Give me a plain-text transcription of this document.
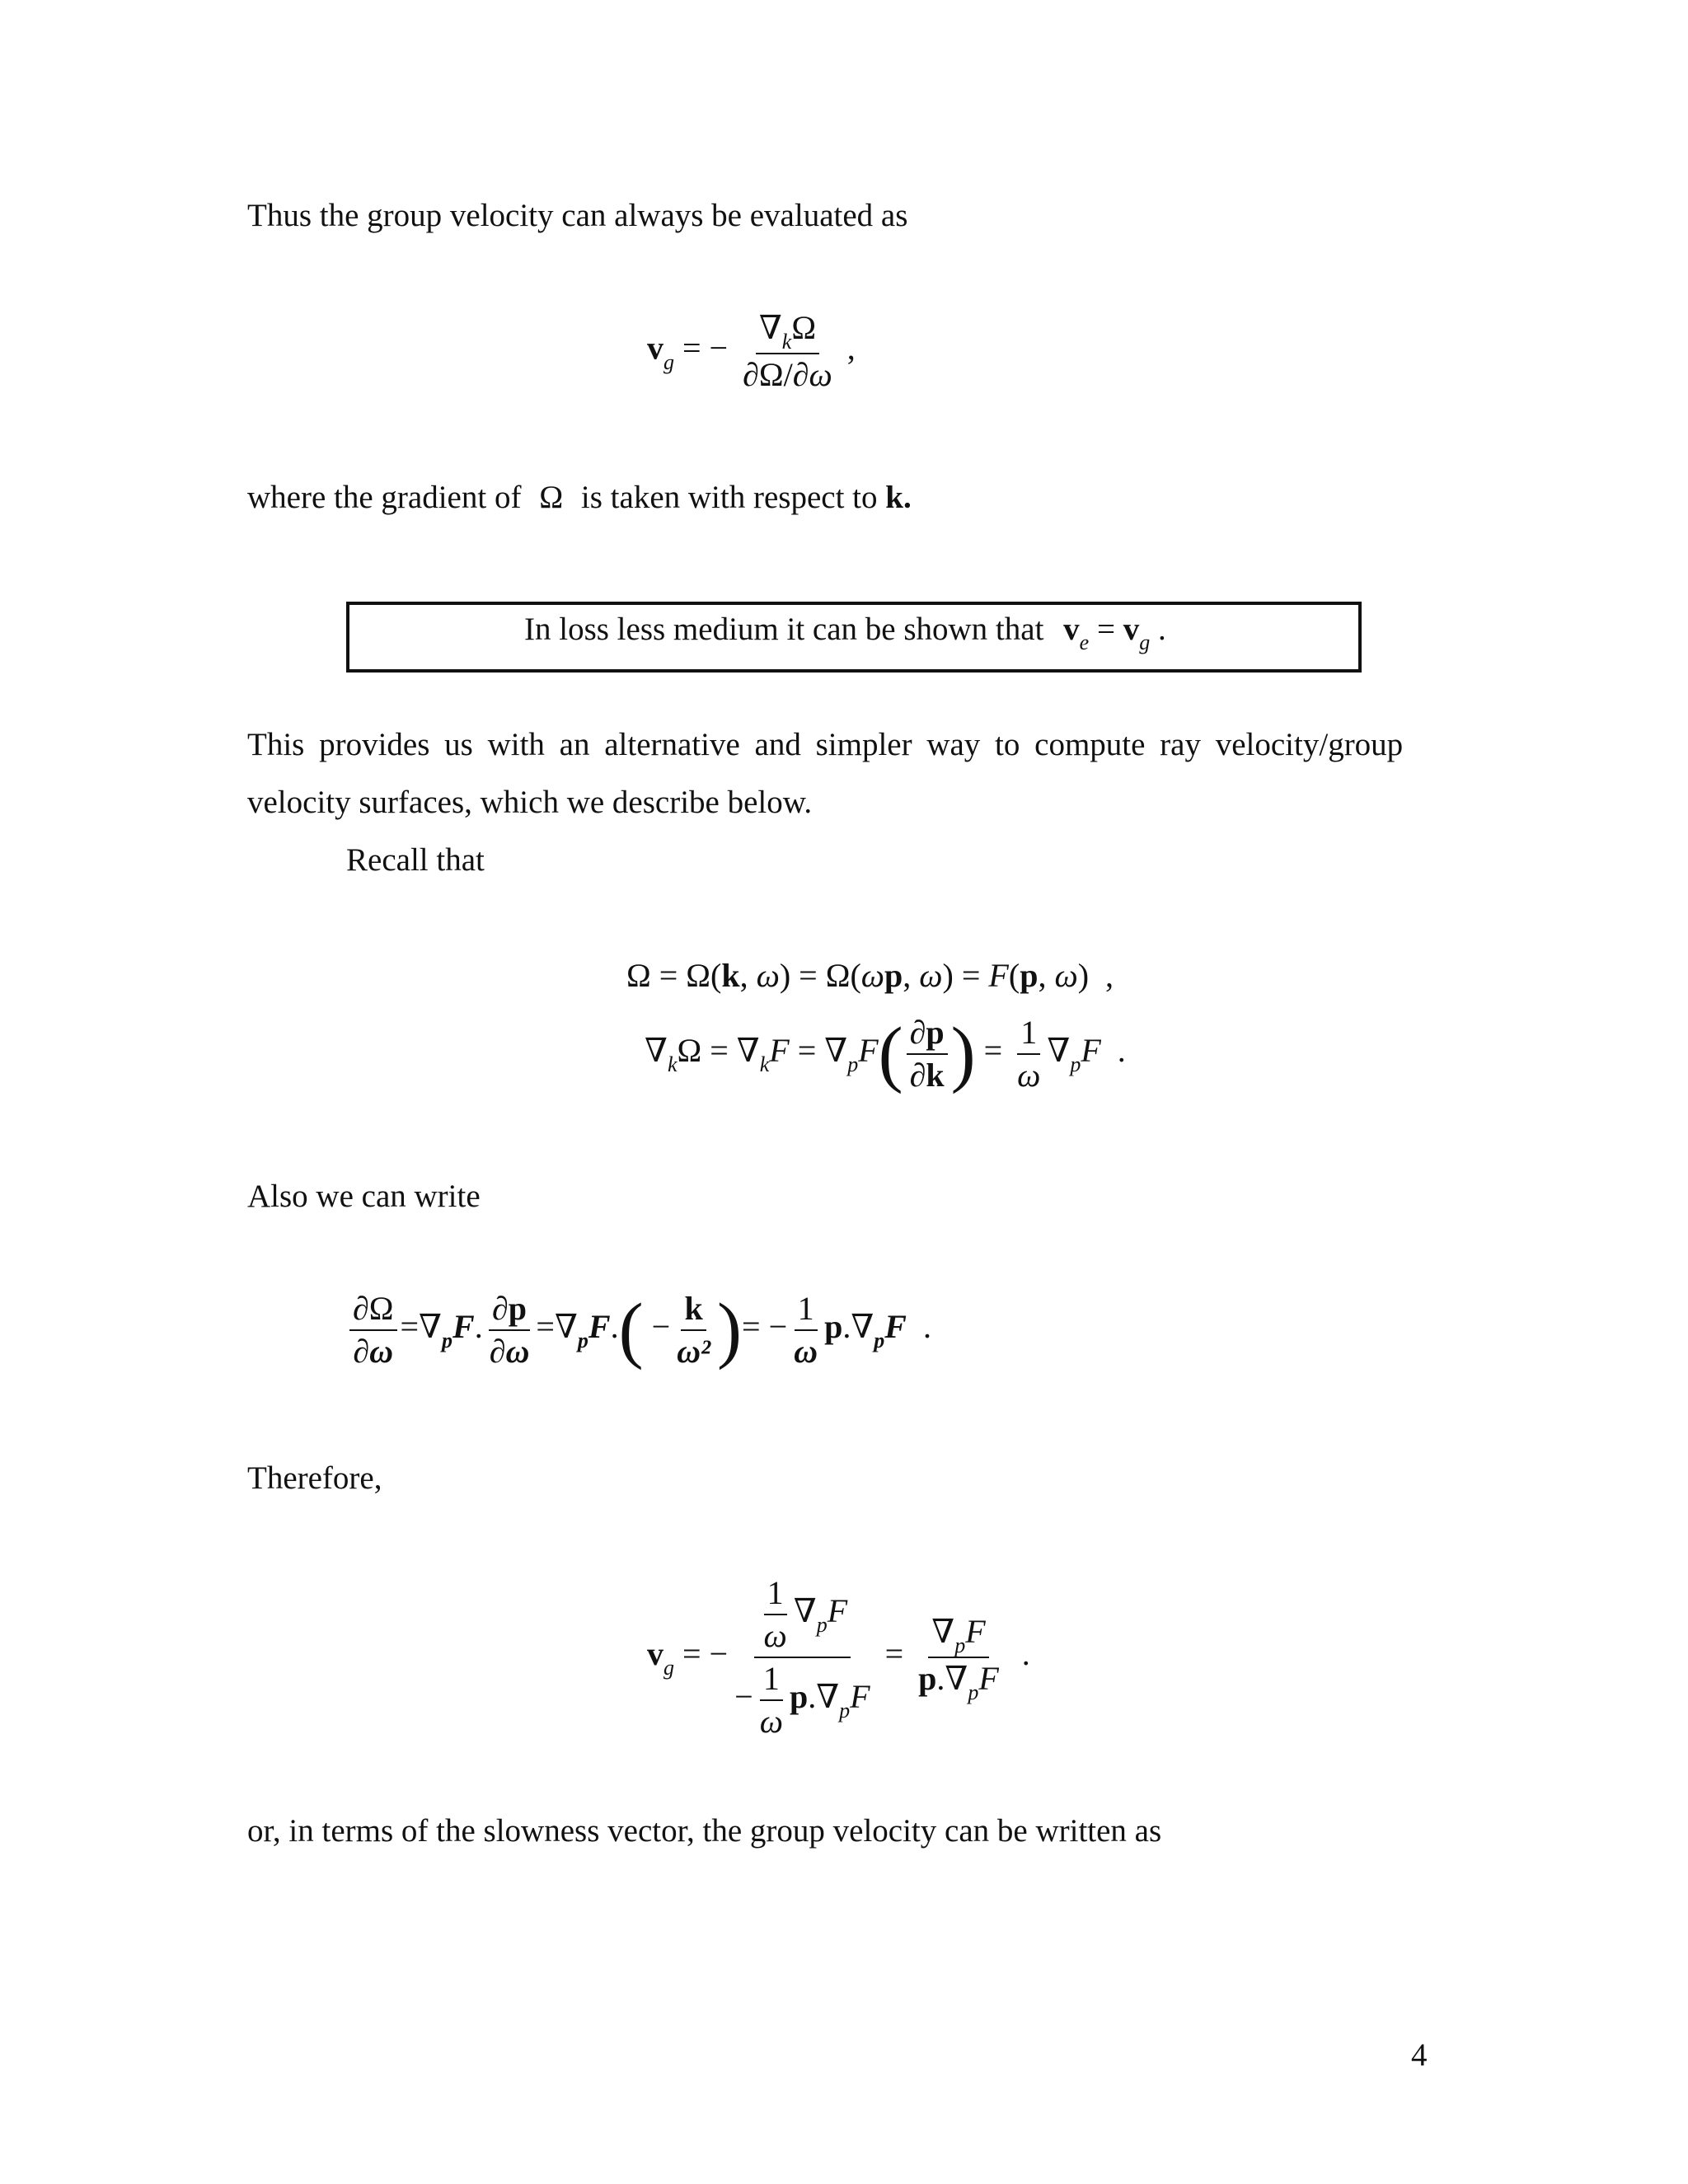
Thus the group velocity can always be evaluated as
$v_g$ = − $\frac{\nabla_k\Omega}{\partial\Omega/\partial\omega}$ ,
where the gradient of Ω is taken with respect to k.
In loss less medium it can be shown that $v_e = v_g$ .
This provides us with an alternative and simpler way to compute ray velocity/group
velocity surfaces, which we describe below.
Recall that
Ω = Ω(k, ω) = Ω(ωp, ω) = F(p, ω)  ,
$\nabla_k\Omega = \nabla_kF = \nabla_pF( \frac{\partial p}{\partial k}$ ) = $\frac{1}{\omega} \nabla_pF$  .
Also we can write
$\frac{\partial\Omega}{\partial\omega} =\nabla_pF$. $\frac{\partial p}{\partial\omega} =\nabla_pF.( - \frac{k}{\text{ω²}}$ )= − $\frac{1}{\omega} p.\nabla_pF$  .
Therefore,
$v_g$ = − $\frac{\frac{1}{\omega} \nabla_pF}{- \frac{1}{\omega} p.\nabla_pF} = \frac{\nabla_pF}{p.\nabla_pF}$ .
or, in terms of the slowness vector, the group velocity can be written as
4
